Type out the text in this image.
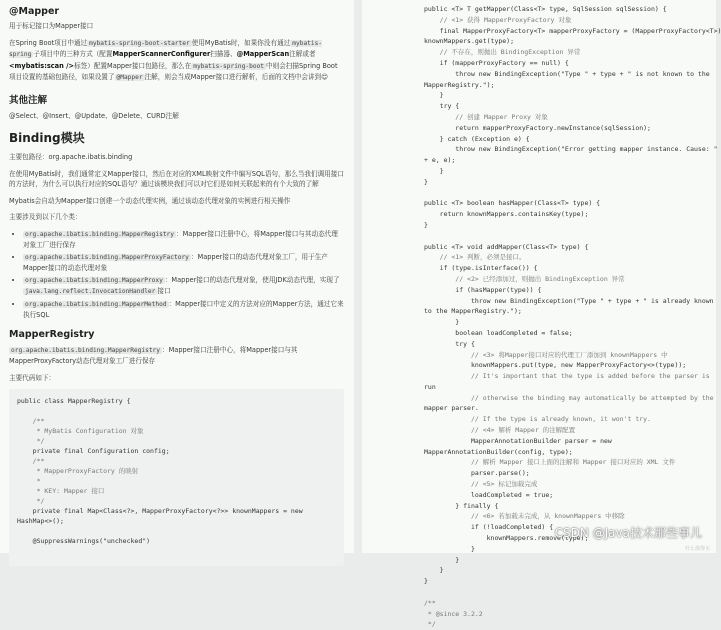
@Mapper
用于标记接口为Mapper接口
在Spring Boot项目中通过 mybatis-spring-boot-starter 使用MyBatis时，如果你没有通过 mybatis-spring 子项目中的三种方式（配置MapperScannerConfigurer扫描器、@MapperScan注解或者<mybatis:scan />标签）配置Mapper接口包路径，那么在 mybatis-spring-boot 中则会扫描Spring Boot项目设置的基础包路径，如果设置了 @Mapper 注解，则会当成Mapper接口进行解析，后面的文档中会讲到😊
其他注解
@Select、@Insert、@Update、@Delete、CURD注解
Binding模块
主要包路径：org.apache.ibatis.binding
在使用MyBatis时，我们通常定义Mapper接口，然后在对应的XML映射文件中编写SQL语句，那么当我们调用接口的方法时，为什么可以执行对应的SQL语句？通过该模块我们可以对它们是如何关联起来的有个大致的了解
Mybatis会自动为Mapper接口创建一个动态代理实例，通过该动态代理对象的实例进行相关操作
主要涉及到以下几个类：
• org.apache.ibatis.binding.MapperRegistry ：Mapper接口注册中心，将Mapper接口与其动态代理对象工厂进行保存
• org.apache.ibatis.binding.MapperProxyFactory ：Mapper接口的动态代理对象工厂，用于生产Mapper接口的动态代理对象
• org.apache.ibatis.binding.MapperProxy ：Mapper接口的动态代理对象，使用JDK动态代理，实现了java.lang.reflect.InvocationHandler 接口
• org.apache.ibatis.binding.MapperMethod ：Mapper接口中定义的方法对应的Mapper方法，通过它来执行SQL
MapperRegistry
org.apache.ibatis.binding.MapperRegistry ：Mapper接口注册中心，将Mapper接口与其MapperProxyFactory动态代理对象工厂进行保存
主要代码如下：
public class MapperRegistry {

/**
* MyBatis Configuration 对象
*/
private final Configuration config;
/**
* MapperProxyFactory 的映射
*
* KEY: Mapper 接口
*/
private final Map<Class<?>, MapperProxyFactory<?>> knownMappers = new
HashMap<>();

@SuppressWarnings("unchecked")
public <T> T getMapper(Class<T> type, SqlSession sqlSession) {
// <1> 获得 MapperProxyFactory 对象
final MapperProxyFactory<T> mapperProxyFactory = (MapperProxyFactory<T>)
knownMappers.get(type);
// 不存在，则抛出 BindingException 异常
if (mapperProxyFactory == null) {
throw new BindingException("Type " + type + " is not known to the
MapperRegistry.");
}
try {
// 创建 Mapper Proxy 对象
return mapperProxyFactory.newInstance(sqlSession);
} catch (Exception e) {
throw new BindingException("Error getting mapper instance. Cause: "
+ e, e);
}
}

public <T> boolean hasMapper(Class<T> type) {
return knownMappers.containsKey(type);
}

public <T> void addMapper(Class<T> type) {
// <1> 判断，必须是接口。
if (type.isInterface()) {
// <2> 已经添加过，则抛出 BindingException 异常
if (hasMapper(type)) {
throw new BindingException("Type " + type + " is already known
to the MapperRegistry.");
}
boolean loadCompleted = false;
try {
// <3> 将Mapper接口对应的代理工厂添加到 knownMappers 中
knownMappers.put(type, new MapperProxyFactory<>(type));
// It's important that the type is added before the parser is
run
// otherwise the binding may automatically be attempted by the
mapper parser.
// If the type is already known, it won't try.
// <4> 解析 Mapper 的注解配置
MapperAnnotationBuilder parser = new
MapperAnnotationBuilder(config, type);
// 解析 Mapper 接口上面的注解和 Mapper 接口对应的 XML 文件
parser.parse();
// <5> 标记加载完成
loadCompleted = true;
} finally {
// <6> 若加载未完成，从 knownMappers 中移除
if (!loadCompleted) {
knownMappers.remove(type);
}
}
}
}

/**
* @since 3.2.2
*/
CSDN @Java技术那些事儿
什么值得买
